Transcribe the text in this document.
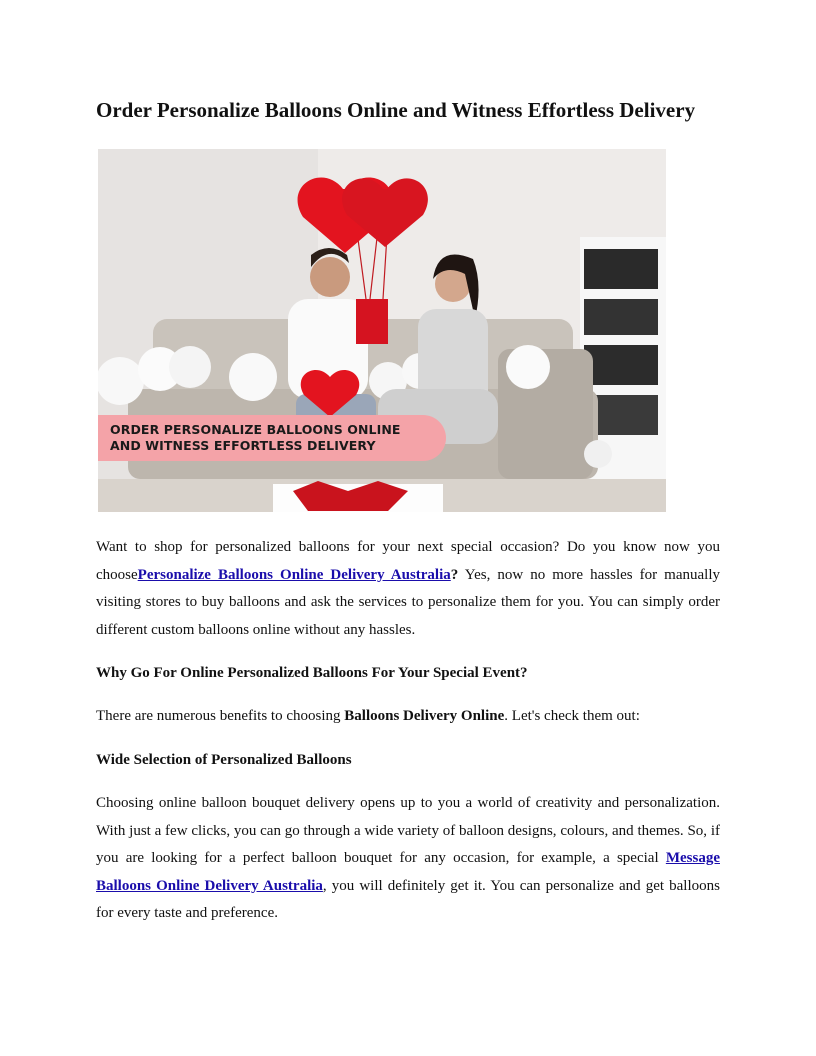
Order Personalize Balloons Online and Witness Effortless Delivery
ORDER PERSONALIZE BALLOONS ONLINE
AND WITNESS EFFORTLESS DELIVERY

Want to shop for personalized balloons for your next special occasion? Do you know now you choosePersonalize Balloons Online Delivery Australia? Yes, now no more hassles for manually visiting stores to buy balloons and ask the services to personalize them for you. You can simply order different custom balloons online without any hassles.

Why Go For Online Personalized Balloons For Your Special Event?

There are numerous benefits to choosing Balloons Delivery Online. Let's check them out:

Wide Selection of Personalized Balloons

Choosing online balloon bouquet delivery opens up to you a world of creativity and personalization. With just a few clicks, you can go through a wide variety of balloon designs, colours, and themes. So, if you are looking for a perfect balloon bouquet for any occasion, for example, a special Message Balloons Online Delivery Australia, you will definitely get it. You can personalize and get balloons for every taste and preference.
